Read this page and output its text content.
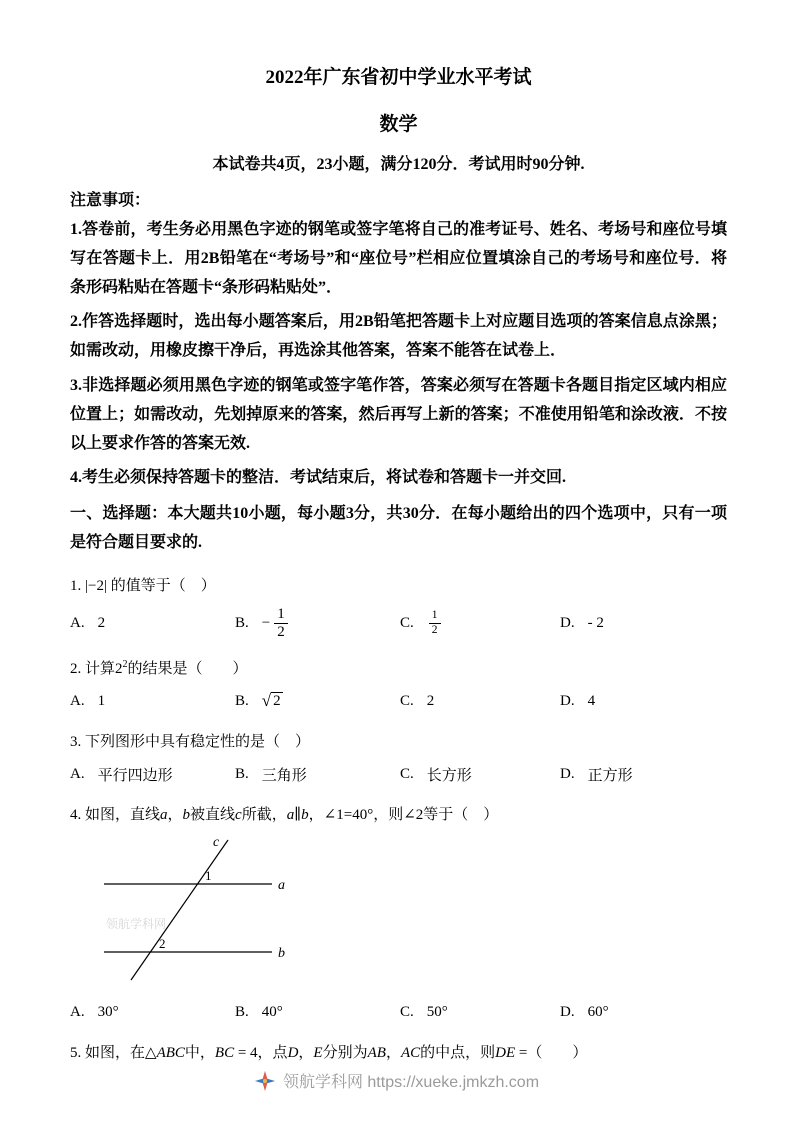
2022年广东省初中学业水平考试
数学

本试卷共4页，23小题，满分120分．考试用时90分钟.

注意事项：

1.答卷前，考生务必用黑色字迹的钢笔或签字笔将自己的准考证号、姓名、考场号和座位号填写在答题卡上．用2B铅笔在“考场号”和“座位号”栏相应位置填涂自己的考场号和座位号．将条形码粘贴在答题卡“条形码粘贴处”．

2.作答选择题时，选出每小题答案后，用2B铅笔把答题卡上对应题目选项的答案信息点涂黑；如需改动，用橡皮擦干净后，再选涂其他答案，答案不能答在试卷上．

3.非选择题必须用黑色字迹的钢笔或签字笔作答，答案必须写在答题卡各题目指定区域内相应位置上；如需改动，先划掉原来的答案，然后再写上新的答案；不准使用铅笔和涂改液．不按以上要求作答的答案无效.

4.考生必须保持答题卡的整洁．考试结束后，将试卷和答题卡一并交回.

一、选择题：本大题共10小题，每小题3分，共30分．在每小题给出的四个选项中，只有一项是符合题目要求的.

1. |−2| 的值等于（　）

A. 2	B. − $\frac{1}{2}$	C. $\frac{1}{2}$	D. - 2

2. 计算$2^2$的结果是（　　）

A. 1	B. √ 2	C. 2	D. 4

3. 下列图形中具有稳定性的是（　）

A. 平行四边形	B. 三角形	C. 长方形	D. 正方形

4. 如图，直线a，b被直线c所截，a∥b，∠1=40°，则∠2等于（　）

领航学科网
c
a
b
1
2
A. 30°	B. 40°	C. 50°	D. 60°

5. 如图，在△ABC中，BC = 4，点D，E分别为AB，AC的中点，则DE =（　　）

领航学科网 https://xueke.jmkzh.com
